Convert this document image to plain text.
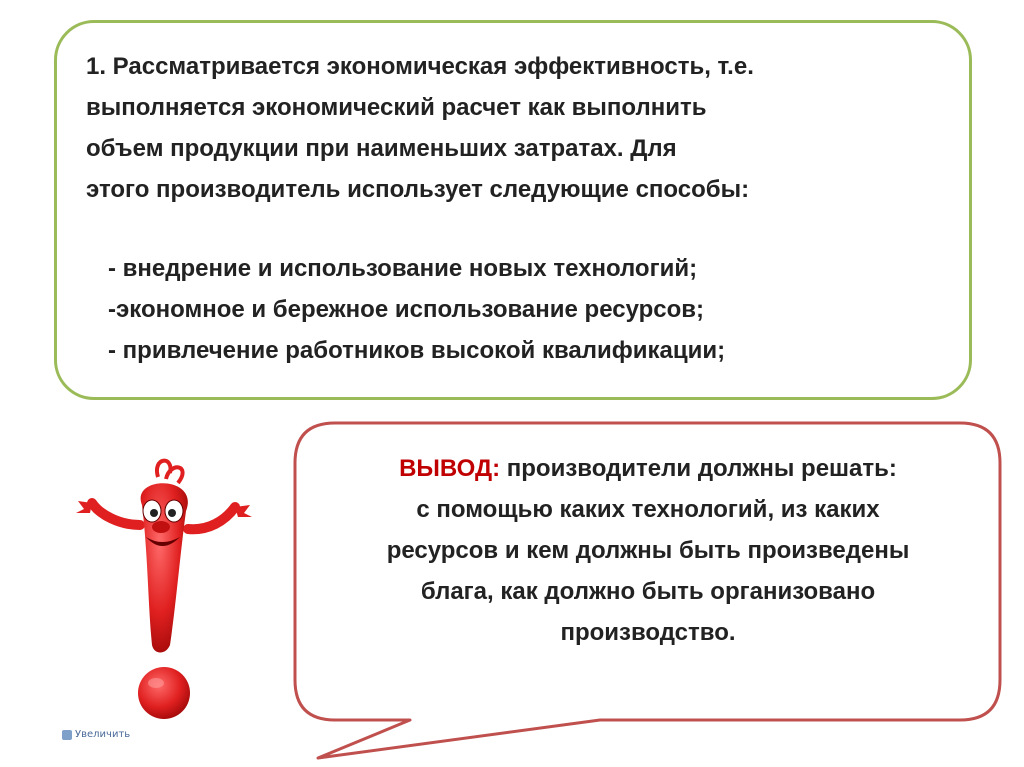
1. Рассматривается экономическая эффективность, т.е.

выполняется экономический расчет как выполнить

объем продукции при наименьших затратах. Для

этого производитель использует следующие способы:

- внедрение и использование новых технологий;
-экономное и бережное использование ресурсов;
- привлечение работников высокой квалификации;
ВЫВОД: производители должны решать:
с помощью каких технологий, из каких
ресурсов и кем должны быть произведены
блага, как должно быть организовано
производство.
Увеличить
